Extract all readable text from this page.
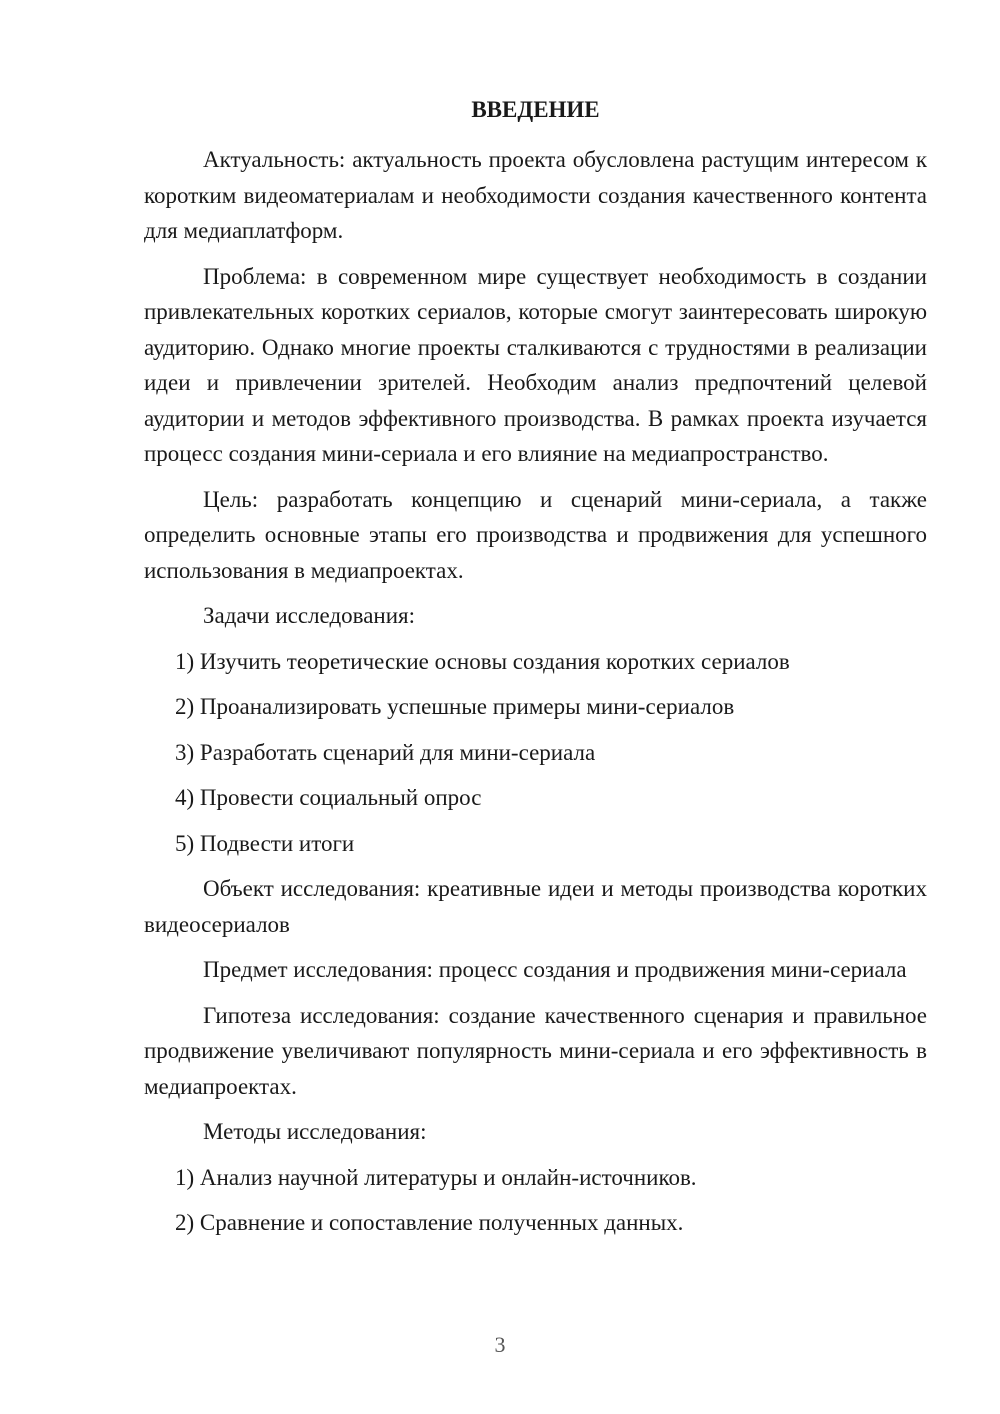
ВВЕДЕНИЕ

Актуальность: актуальность проекта обусловлена растущим интересом к коротким видеоматериалам и необходимости создания качественного контента для медиаплатформ.

Проблема: в современном мире существует необходимость в создании привлекательных коротких сериалов, которые смогут заинтересовать широкую аудиторию. Однако многие проекты сталкиваются с трудностями в реализации идеи и привлечении зрителей. Необходим анализ предпочтений целевой аудитории и методов эффективного производства. В рамках проекта изучается процесс создания мини-сериала и его влияние на медиапространство.

Цель: разработать концепцию и сценарий мини-сериала, а также определить основные этапы его производства и продвижения для успешного использования в медиапроектах.

Задачи исследования:

1) Изучить теоретические основы создания коротких сериалов
2) Проанализировать успешные примеры мини-сериалов
3) Разработать сценарий для мини-сериала
4) Провести социальный опрос
5) Подвести итоги

Объект исследования: креативные идеи и методы производства коротких видеосериалов

Предмет исследования: процесс создания и продвижения мини-сериала

Гипотеза исследования: создание качественного сценария и правильное продвижение увеличивают популярность мини-сериала и его эффективность в медиапроектах.

Методы исследования:

1) Анализ научной литературы и онлайн-источников.
2) Сравнение и сопоставление полученных данных.
3
